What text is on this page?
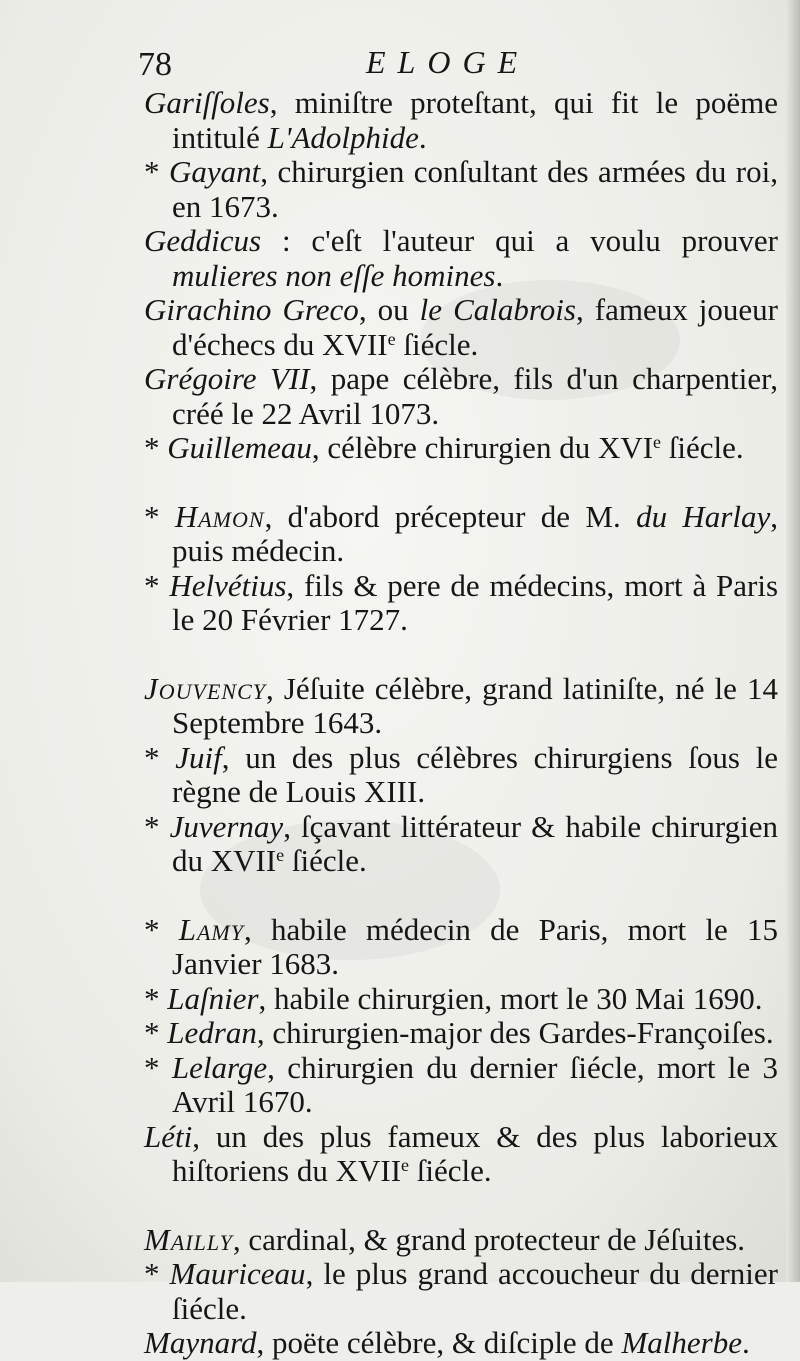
78	ELOGE
Gariſſoles, miniſtre proteſtant, qui fit le poëme intitulé L'Adolphide.
* Gayant, chirurgien conſultant des armées du roi, en 1673.
Geddicus : c'eſt l'auteur qui a voulu prouver mulieres non eſſe homines.
Girachino Greco, ou le Calabrois, fameux joueur d'échecs du XVIIe ſiécle.
Grégoire VII, pape célèbre, fils d'un charpentier, créé le 22 Avril 1073.
* Guillemeau, célèbre chirurgien du XVIe ſiécle.
* Hamon, d'abord précepteur de M. du Harlay, puis médecin.
* Helvétius, fils & pere de médecins, mort à Paris le 20 Février 1727.
Jouvency, Jéſuite célèbre, grand latiniſte, né le 14 Septembre 1643.
* Juif, un des plus célèbres chirurgiens ſous le règne de Louis XIII.
* Juvernay, ſçavant littérateur & habile chirurgien du XVIIe ſiécle.
* Lamy, habile médecin de Paris, mort le 15 Janvier 1683.
* Laſnier, habile chirurgien, mort le 30 Mai 1690.
* Ledran, chirurgien-major des Gardes-Françoiſes.
* Lelarge, chirurgien du dernier ſiécle, mort le 3 Avril 1670.
Léti, un des plus fameux & des plus laborieux hiſtoriens du XVIIe ſiécle.
Mailly, cardinal, & grand protecteur de Jéſuites.
* Mauriceau, le plus grand accoucheur du dernier ſiécle.
Maynard, poëte célèbre, & diſciple de Malherbe.
